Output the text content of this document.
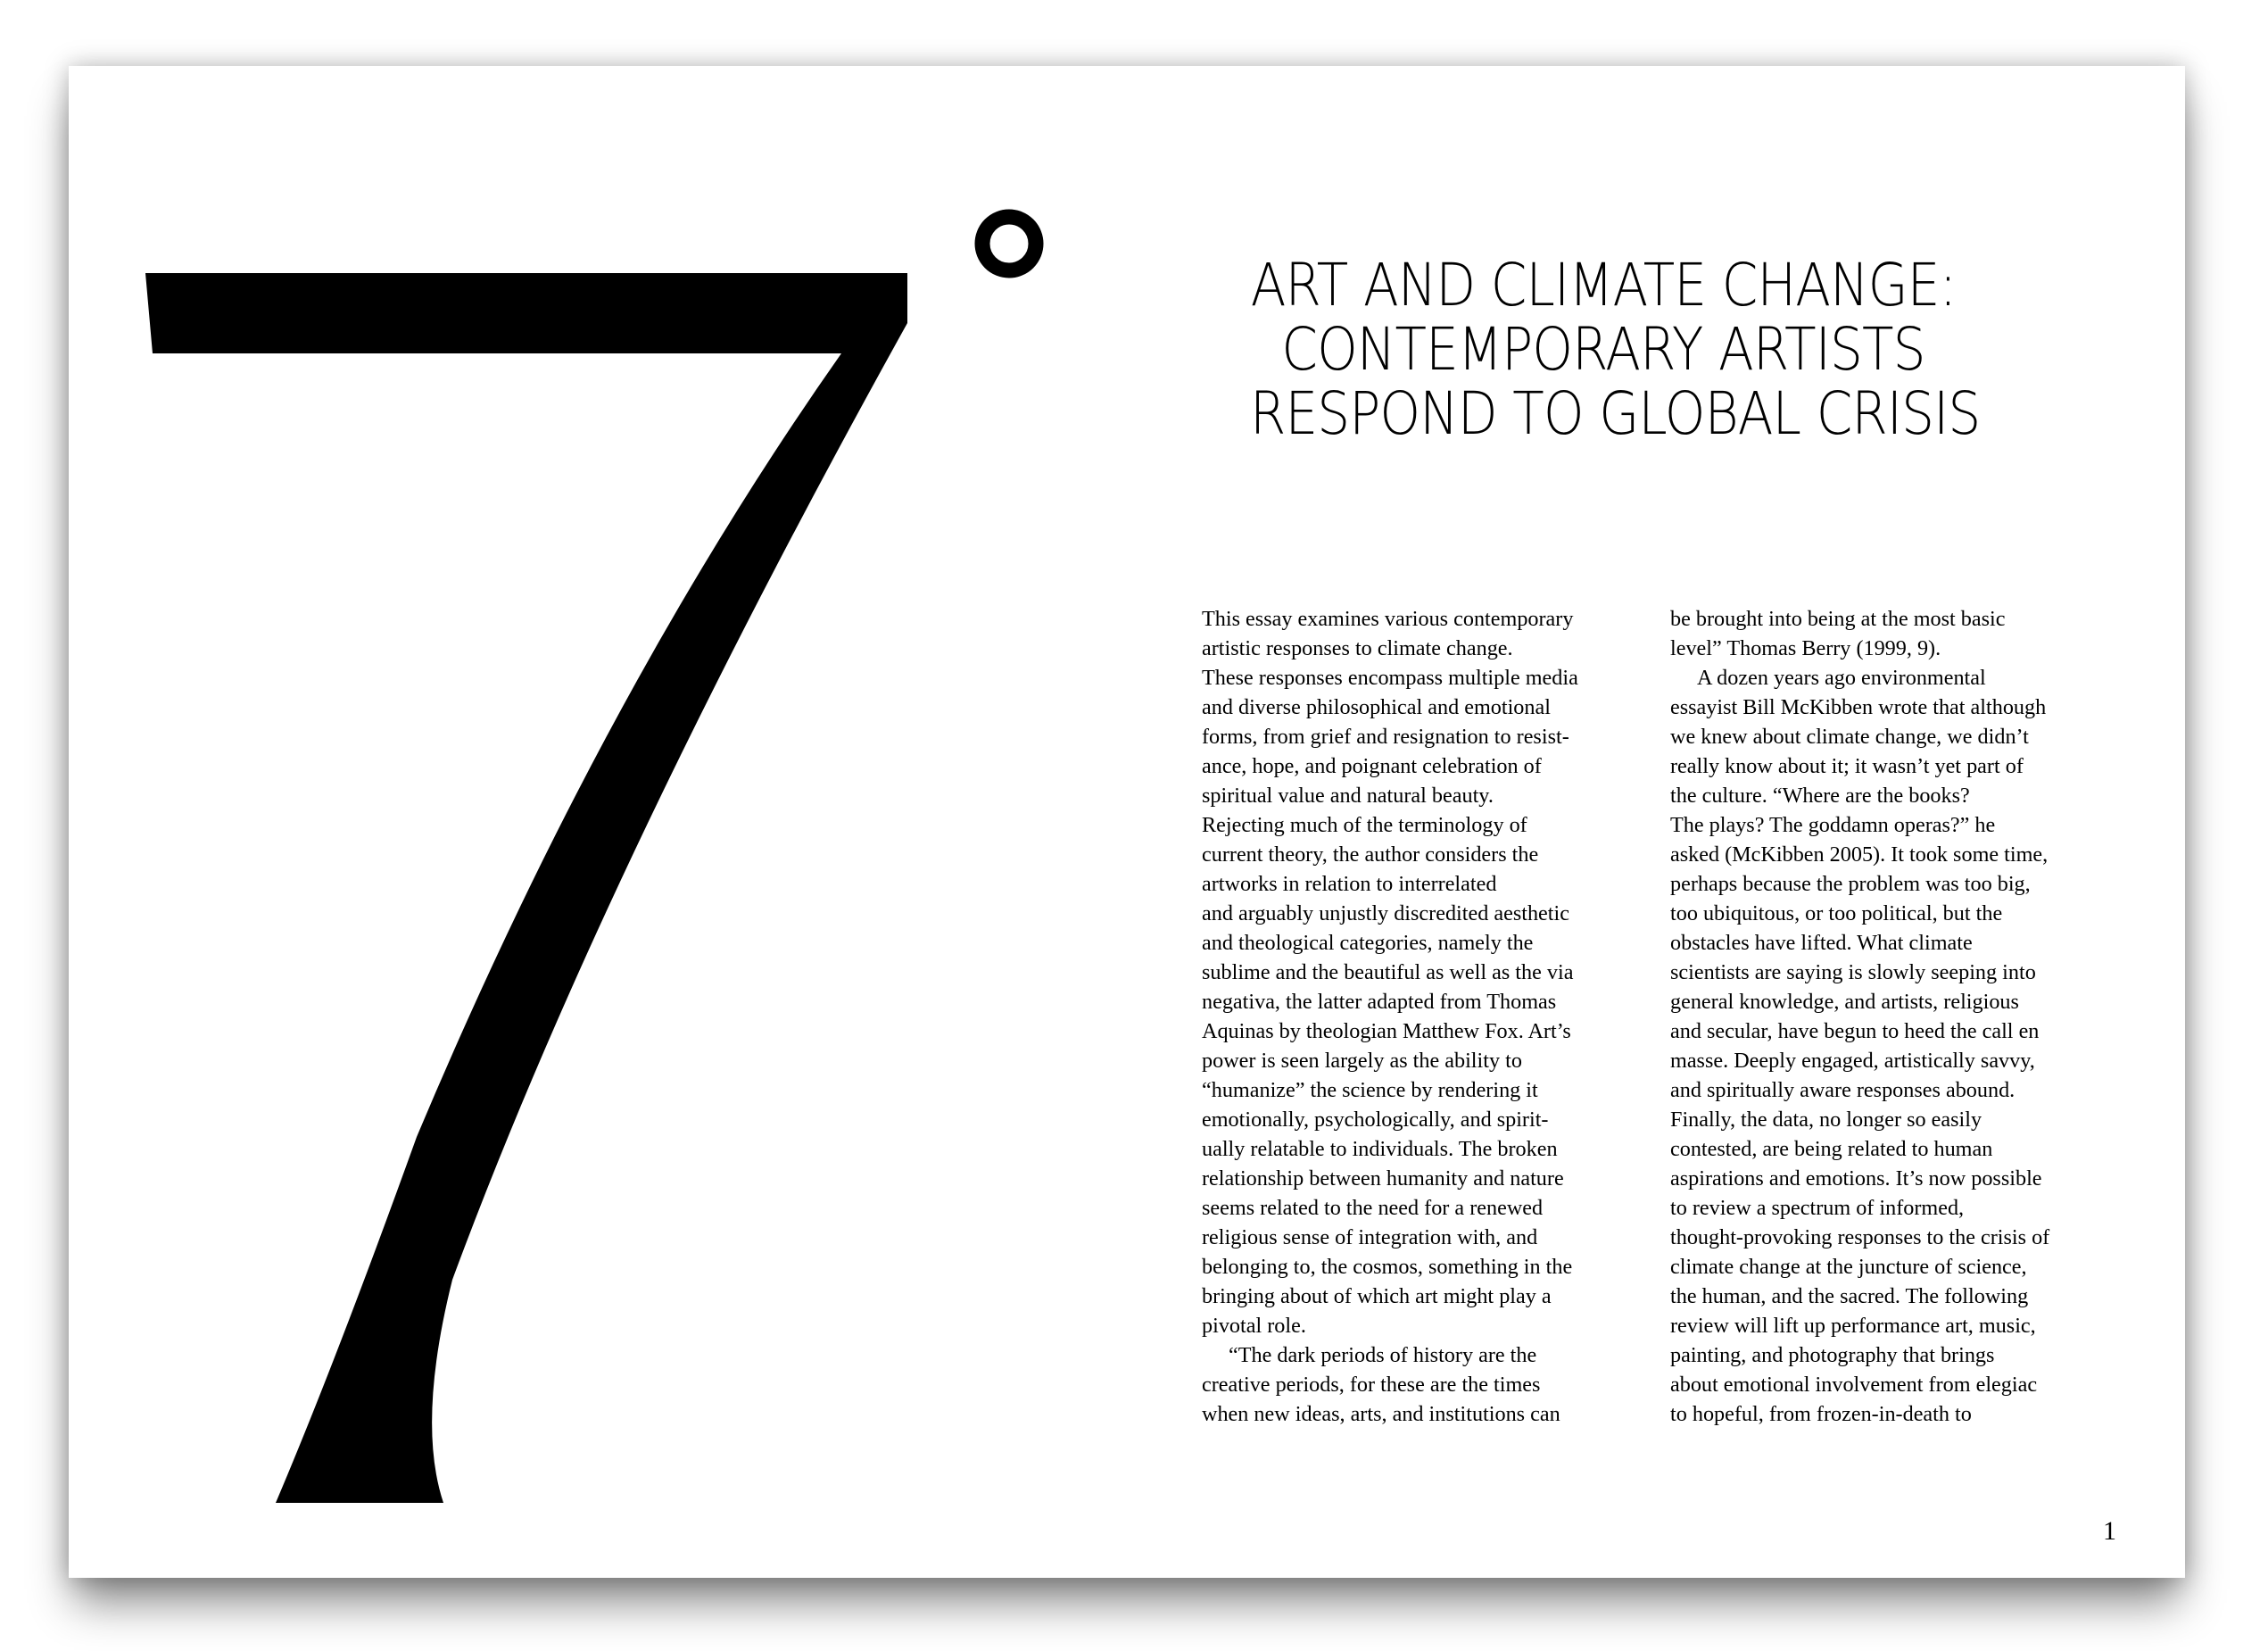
ART AND CLIMATE CHANGE:
CONTEMPORARY ARTISTS
RESPOND TO GLOBAL CRISIS
This essay examines various contemporary
artistic responses to climate change.
These responses encompass multiple media
and diverse philosophical and emotional
forms, from grief and resignation to resist-
ance, hope, and poignant celebration of
spiritual value and natural beauty.
Rejecting much of the terminology of
current theory, the author considers the
artworks in relation to interrelated
and arguably unjustly discredited aesthetic
and theological categories, namely the
sublime and the beautiful as well as the via
negativa, the latter adapted from Thomas
Aquinas by theologian Matthew Fox. Art’s
power is seen largely as the ability to
“humanize” the science by rendering it
emotionally, psychologically, and spirit-
ually relatable to individuals. The broken
relationship between humanity and nature
seems related to the need for a renewed
religious sense of integration with, and
belonging to, the cosmos, something in the
bringing about of which art might play a
pivotal role.
“The dark periods of history are the
creative periods, for these are the times
when new ideas, arts, and institutions can
be brought into being at the most basic
level” Thomas Berry (1999, 9).
A dozen years ago environmental
essayist Bill McKibben wrote that although
we knew about climate change, we didn’t
really know about it; it wasn’t yet part of
the culture. “Where are the books?
The plays? The goddamn operas?” he
asked (McKibben 2005). It took some time,
perhaps because the problem was too big,
too ubiquitous, or too political, but the
obstacles have lifted. What climate
scientists are saying is slowly seeping into
general knowledge, and artists, religious
and secular, have begun to heed the call en
masse. Deeply engaged, artistically savvy,
and spiritually aware responses abound.
Finally, the data, no longer so easily
contested, are being related to human
aspirations and emotions. It’s now possible
to review a spectrum of informed,
thought-provoking responses to the crisis of
climate change at the juncture of science,
the human, and the sacred. The following
review will lift up performance art, music,
painting, and photography that brings
about emotional involvement from elegiac
to hopeful, from frozen-in-death to
1
